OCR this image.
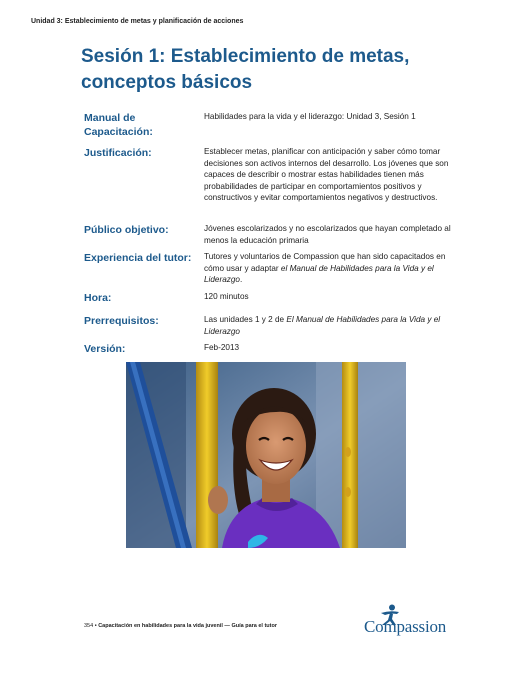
Unidad 3: Establecimiento de metas y planificación de acciones
Sesión 1: Establecimiento de metas, conceptos básicos
Manual de Capacitación:
Habilidades para la vida y el liderazgo: Unidad 3, Sesión 1
Justificación:	Establecer metas, planificar con anticipación y saber cómo tomar decisiones son activos internos del desarrollo. Los jóvenes que son capaces de describir o mostrar estas habilidades tienen más probabilidades de participar en comportamientos positivos y constructivos y evitar comportamientos negativos y destructivos.
Público objetivo:	Jóvenes escolarizados y no escolarizados que hayan completado al menos la educación primaria
Experiencia del tutor:	Tutores y voluntarios de Compassion que han sido capacitados en cómo usar y adaptar el Manual de Habilidades para la Vida y el Liderazgo.
Hora:	120 minutos
Prerrequisitos:	Las unidades 1 y 2 de El Manual de Habilidades para la Vida y el Liderazgo
Versión:	Feb-2013
354 • Capacitación en habilidades para la vida juvenil — Guía para el tutor	Compassion
